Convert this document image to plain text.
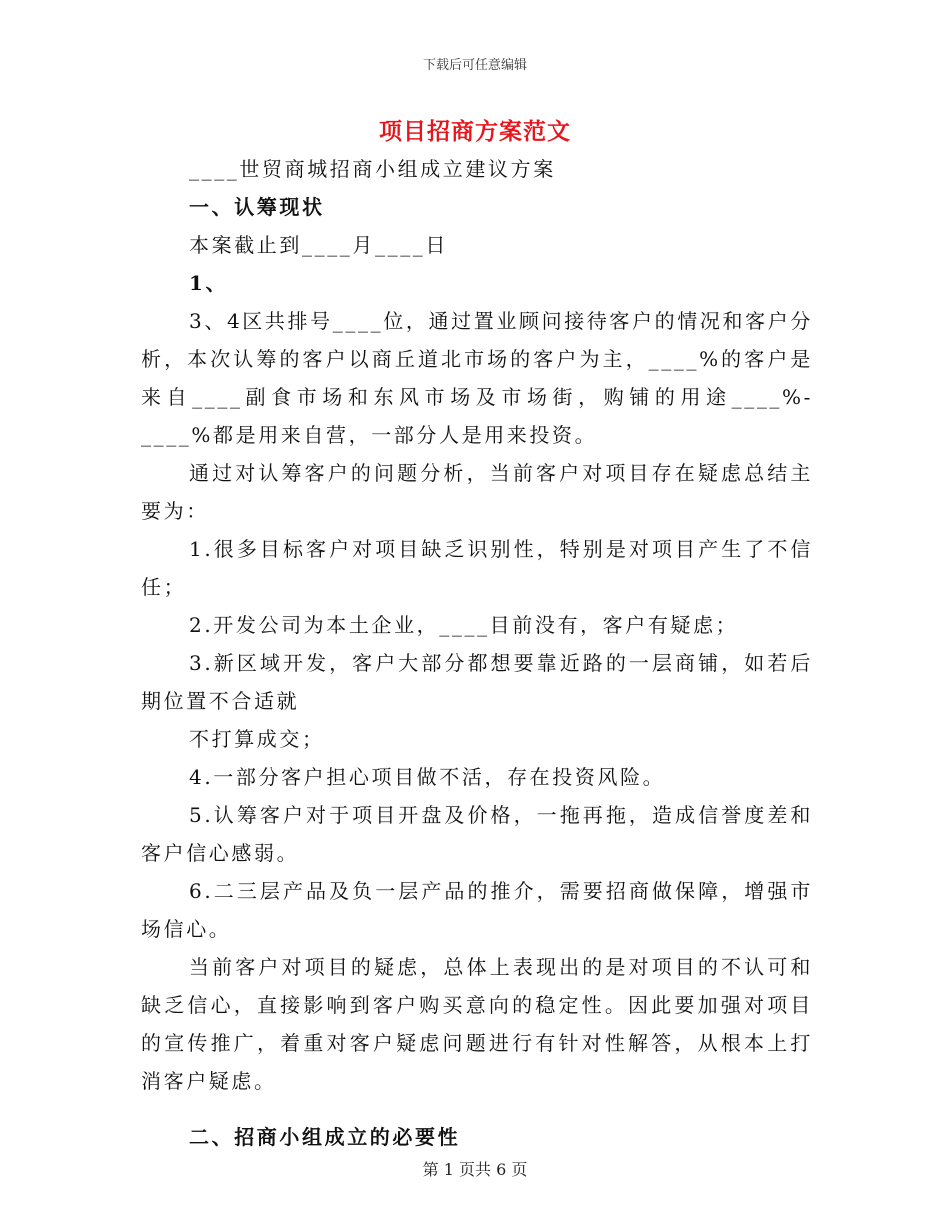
下载后可任意编辑
项目招商方案范文

____世贸商城招商小组成立建议方案

一、认筹现状

本案截止到____月____日

1、

3、4区共排号____位，通过置业顾问接待客户的情况和客户分析，本次认筹的客户以商丘道北市场的客户为主，____%的客户是来自____副食市场和东风市场及市场街，购铺的用途____%-____%都是用来自营，一部分人是用来投资。

通过对认筹客户的问题分析，当前客户对项目存在疑虑总结主要为：

1.很多目标客户对项目缺乏识别性，特别是对项目产生了不信任；

2.开发公司为本土企业，____目前没有，客户有疑虑；

3.新区域开发，客户大部分都想要靠近路的一层商铺，如若后期位置不合适就

不打算成交；

4.一部分客户担心项目做不活，存在投资风险。

5.认筹客户对于项目开盘及价格，一拖再拖，造成信誉度差和客户信心感弱。

6.二三层产品及负一层产品的推介，需要招商做保障，增强市场信心。

当前客户对项目的疑虑，总体上表现出的是对项目的不认可和缺乏信心，直接影响到客户购买意向的稳定性。因此要加强对项目的宣传推广，着重对客户疑虑问题进行有针对性解答，从根本上打消客户疑虑。

二、招商小组成立的必要性

第 1 页共 6 页
